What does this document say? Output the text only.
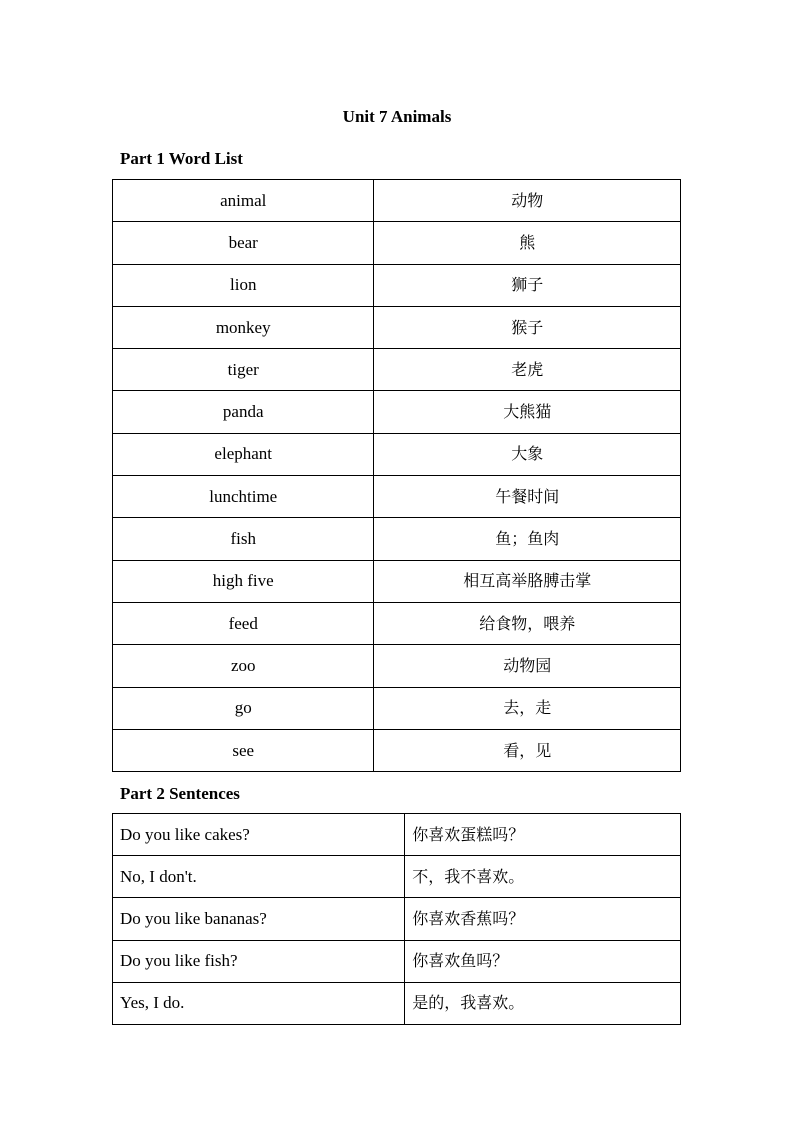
Unit 7 Animals
Part 1 Word List
animal	动物
bear	熊
lion	狮子
monkey	猴子
tiger	老虎
panda	大熊猫
elephant	大象
lunchtime	午餐时间
fish	鱼；鱼肉
high five	相互高举胳膊击掌
feed	给食物，喂养
zoo	动物园
go	去，走
see	看，见
Part 2 Sentences
Do you like cakes?	你喜欢蛋糕吗？
No, I don't.	不，我不喜欢。
Do you like bananas?	你喜欢香蕉吗？
Do you like fish?	你喜欢鱼吗？
Yes, I do.	是的，我喜欢。
